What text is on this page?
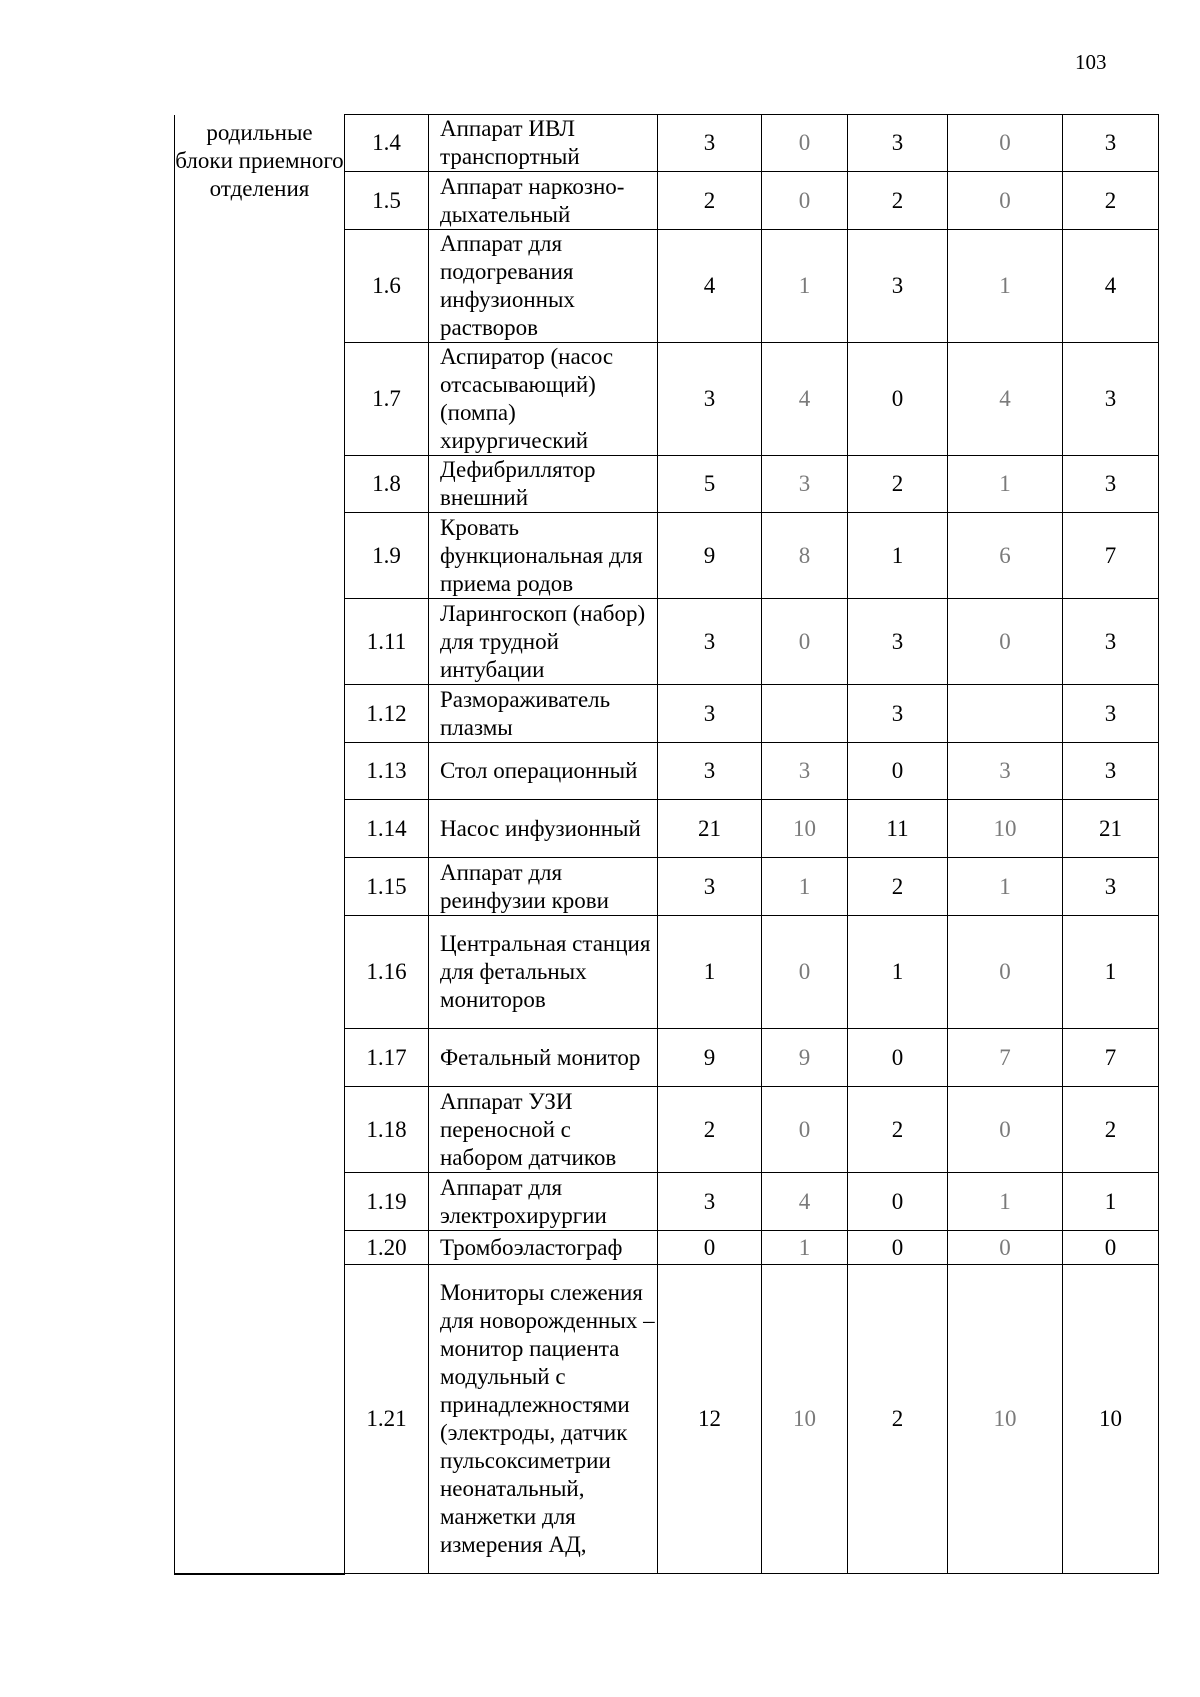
103
родильные блоки приемного отделения	1.4	Аппарат ИВЛ транспортный	3	0	3	0	3
	1.5	Аппарат наркозно-дыхательный	2	0	2	0	2
	1.6	Аппарат для подогревания инфузионных растворов	4	1	3	1	4
	1.7	Аспиратор (насос отсасывающий) (помпа) хирургический	3	4	0	4	3
	1.8	Дефибриллятор внешний	5	3	2	1	3
	1.9	Кровать функциональная для приема родов	9	8	1	6	7
	1.11	Ларингоскоп (набор) для трудной интубации	3	0	3	0	3
	1.12	Размораживатель плазмы	3		3		3
	1.13	Стол операционный	3	3	0	3	3
	1.14	Насос инфузионный	21	10	11	10	21
	1.15	Аппарат для реинфузии крови	3	1	2	1	3
	1.16	Центральная станция для фетальных мониторов	1	0	1	0	1
	1.17	Фетальный монитор	9	9	0	7	7
	1.18	Аппарат УЗИ переносной с набором датчиков	2	0	2	0	2
	1.19	Аппарат для электрохирургии	3	4	0	1	1
	1.20	Тромбоэластограф	0	1	0	0	0
	1.21	Мониторы слежения для новорожденных – монитор пациента модульный с принадлежностями (электроды, датчик пульсоксиметрии неонатальный, манжетки для измерения АД,	12	10	2	10	10
